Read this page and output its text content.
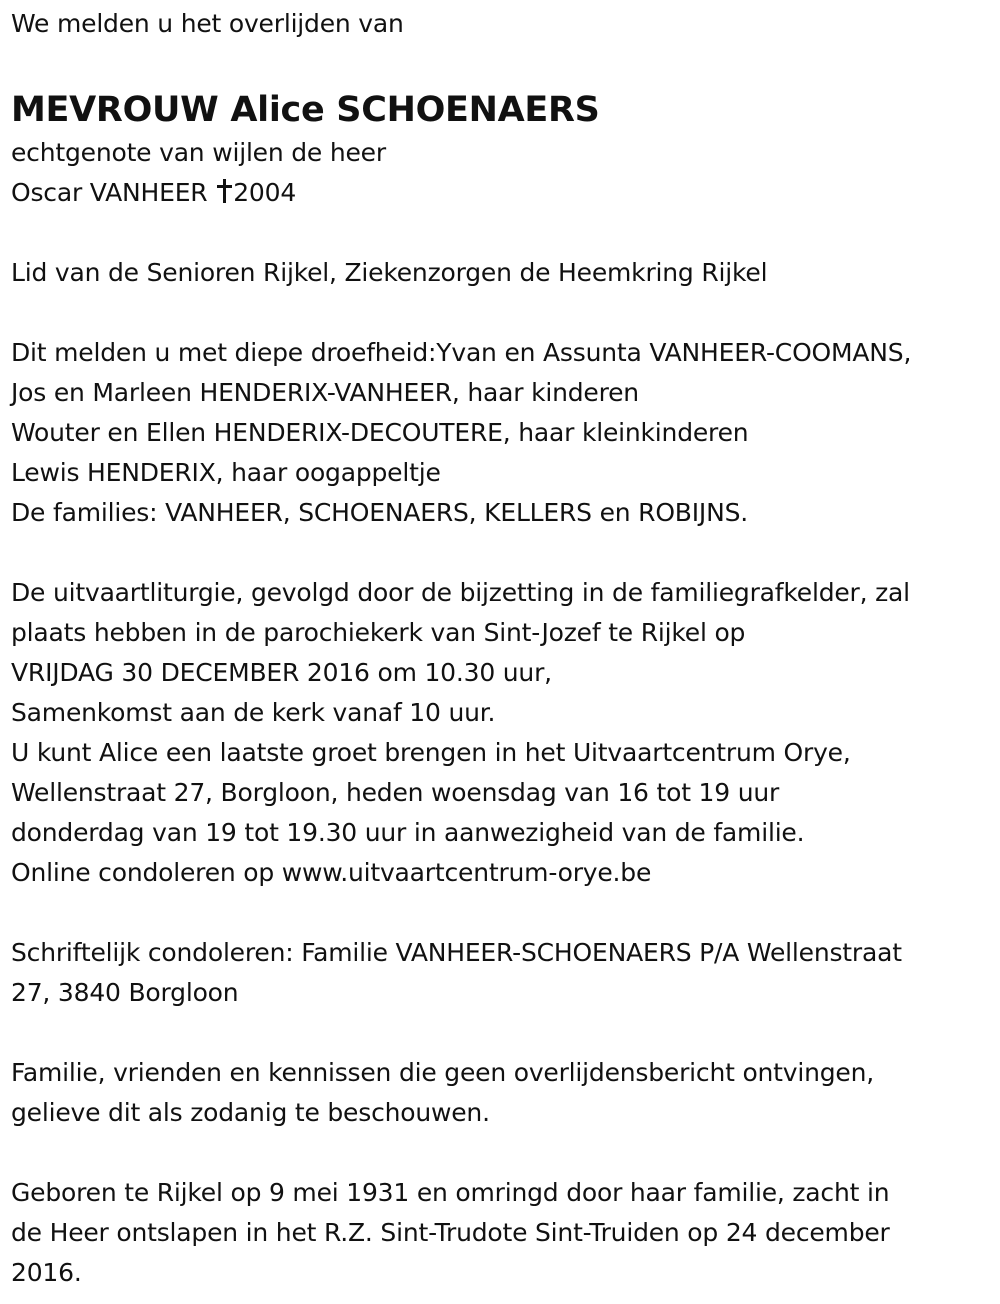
We melden u het overlijden van
MEVROUW Alice SCHOENAERS
echtgenote van wijlen de heer
Oscar VANHEER 2004
Lid van de Senioren Rijkel, Ziekenzorgen de Heemkring Rijkel
Dit melden u met diepe droefheid:Yvan en Assunta VANHEER-COOMANS,
Jos en Marleen HENDERIX-VANHEER, haar kinderen
Wouter en Ellen HENDERIX-DECOUTERE, haar kleinkinderen
Lewis HENDERIX, haar oogappeltje
De families: VANHEER, SCHOENAERS, KELLERS en ROBIJNS.
De uitvaartliturgie, gevolgd door de bijzetting in de familiegrafkelder, zal
plaats hebben in de parochiekerk van Sint-Jozef te Rijkel op
VRIJDAG 30 DECEMBER 2016 om 10.30 uur,
Samenkomst aan de kerk vanaf 10 uur.
U kunt Alice een laatste groet brengen in het Uitvaartcentrum Orye,
Wellenstraat 27, Borgloon, heden woensdag van 16 tot 19 uur
donderdag van 19 tot 19.30 uur in aanwezigheid van de familie.
Online condoleren op www.uitvaartcentrum-orye.be
Schriftelijk condoleren: Familie VANHEER-SCHOENAERS P/A Wellenstraat
27, 3840 Borgloon
Familie, vrienden en kennissen die geen overlijdensbericht ontvingen,
gelieve dit als zodanig te beschouwen.
Geboren te Rijkel op 9 mei 1931 en omringd door haar familie, zacht in
de Heer ontslapen in het R.Z. Sint-Trudote Sint-Truiden op 24 december
2016.
